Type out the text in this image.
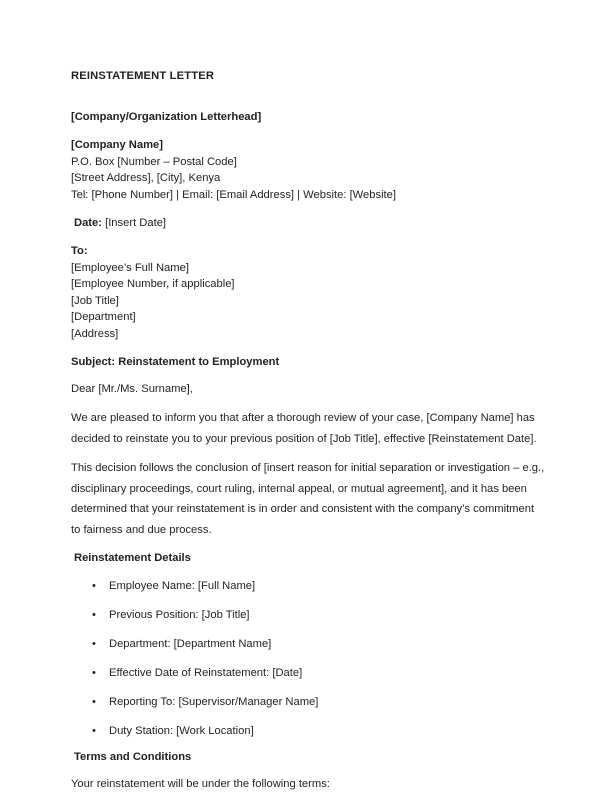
REINSTATEMENT LETTER
[Company/Organization Letterhead]
[Company Name]
P.O. Box [Number – Postal Code]
[Street Address], [City], Kenya
Tel: [Phone Number] | Email: [Email Address] | Website: [Website]
Date: [Insert Date]
To:
[Employee’s Full Name]
[Employee Number, if applicable]
[Job Title]
[Department]
[Address]
Subject: Reinstatement to Employment
Dear [Mr./Ms. Surname],
We are pleased to inform you that after a thorough review of your case, [Company Name] has decided to reinstate you to your previous position of [Job Title], effective [Reinstatement Date].
This decision follows the conclusion of [insert reason for initial separation or investigation – e.g., disciplinary proceedings, court ruling, internal appeal, or mutual agreement], and it has been determined that your reinstatement is in order and consistent with the company’s commitment to fairness and due process.
Reinstatement Details
• Employee Name: [Full Name]
• Previous Position: [Job Title]
• Department: [Department Name]
• Effective Date of Reinstatement: [Date]
• Reporting To: [Supervisor/Manager Name]
• Duty Station: [Work Location]
Terms and Conditions
Your reinstatement will be under the following terms:
